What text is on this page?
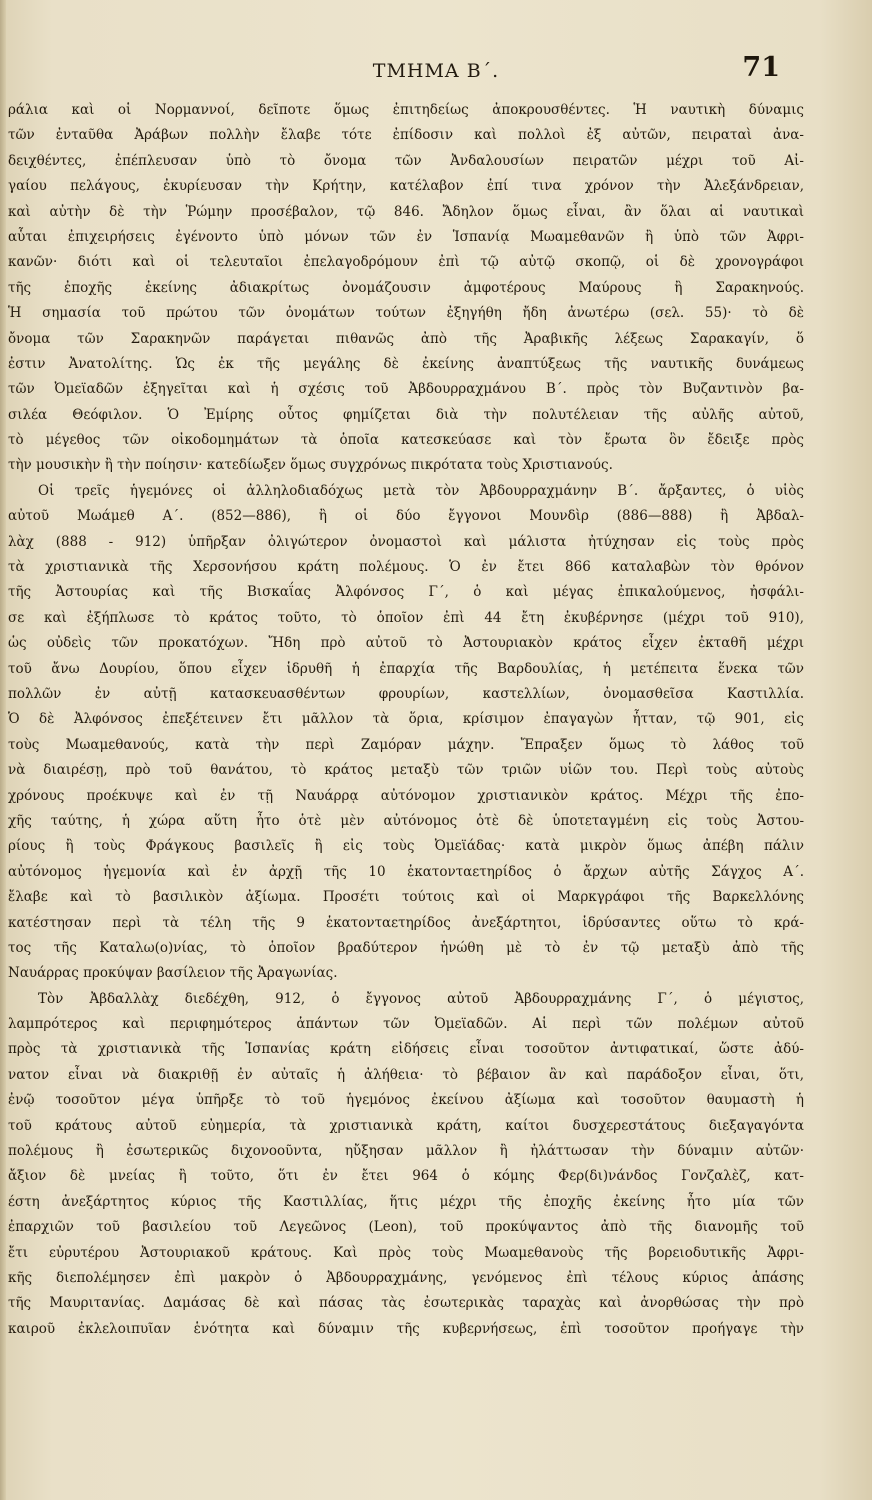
ΤΜΗΜΑ Β΄.	71
ράλια καὶ οἱ Νορμαννοί, δεῖποτε ὅμως ἐπιτηδείως ἀποκρουσθέντες. Ἡ ναυτικὴ δύναμις
τῶν ἐνταῦθα Ἀράβων πολλὴν ἔλαβε τότε ἐπίδοσιν καὶ πολλοὶ ἐξ αὐτῶν, πειραταὶ ἀνα-
δειχθέντες, ἐπέπλευσαν ὑπὸ τὸ ὄνομα τῶν Ἀνδαλουσίων πειρατῶν μέχρι τοῦ Αἰ-
γαίου πελάγους, ἐκυρίευσαν τὴν Κρήτην, κατέλαβον ἐπί τινα χρόνον τὴν Ἀλεξάνδρειαν,
καὶ αὐτὴν δὲ τὴν Ῥώμην προσέβαλον, τῷ 846. Ἄδηλον ὅμως εἶναι, ἂν ὅλαι αἱ ναυτικαὶ
αὗται ἐπιχειρήσεις ἐγένοντο ὑπὸ μόνων τῶν ἐν Ἱσπανίᾳ Μωαμεθανῶν ἢ ὑπὸ τῶν Ἀφρι-
κανῶν· διότι καὶ οἱ τελευταῖοι ἐπελαγοδρόμουν ἐπὶ τῷ αὐτῷ σκοπῷ, οἱ δὲ χρονογράφοι
τῆς ἐποχῆς ἐκείνης ἀδιακρίτως ὀνομάζουσιν ἀμφοτέρους Μαύρους ἢ Σαρακηνούς.
Ἡ σημασία τοῦ πρώτου τῶν ὀνομάτων τούτων ἐξηγήθη ἤδη ἀνωτέρω (σελ. 55)· τὸ δὲ
ὄνομα τῶν Σαρακηνῶν παράγεται πιθανῶς ἀπὸ τῆς Ἀραβικῆς λέξεως Σαρακαγίν, ὅ
ἐστιν Ἀνατολίτης. Ὡς ἐκ τῆς μεγάλης δὲ ἐκείνης ἀναπτύξεως τῆς ναυτικῆς δυνάμεως
τῶν Ὀμεϊαδῶν ἐξηγεῖται καὶ ἡ σχέσις τοῦ Ἀβδουρραχμάνου Β΄. πρὸς τὸν Βυζαντινὸν βα-
σιλέα Θεόφιλον. Ὁ Ἐμίρης οὗτος φημίζεται διὰ τὴν πολυτέλειαν τῆς αὐλῆς αὐτοῦ,
τὸ μέγεθος τῶν οἰκοδομημάτων τὰ ὁποῖα κατεσκεύασε καὶ τὸν ἔρωτα ὃν ἔδειξε πρὸς
τὴν μουσικὴν ἢ τὴν ποίησιν· κατεδίωξεν ὅμως συγχρόνως πικρότατα τοὺς Χριστιανούς.
Οἱ τρεῖς ἡγεμόνες οἱ ἀλληλοδιαδόχως μετὰ τὸν Ἀβδουρραχμάνην Β΄. ἄρξαντες, ὁ υἱὸς
αὐτοῦ Μωάμεθ Α΄. (852—886), ἢ οἱ δύο ἔγγονοι Μουνδὶρ (886—888) ἢ Ἀβδαλ-
λὰχ (888 - 912) ὑπῆρξαν ὀλιγώτερον ὀνομαστοὶ καὶ μάλιστα ἠτύχησαν εἰς τοὺς πρὸς
τὰ χριστιανικὰ τῆς Χερσονήσου κράτη πολέμους. Ὁ ἐν ἔτει 866 καταλαβὼν τὸν θρόνον
τῆς Ἀστουρίας καὶ τῆς Βισκαΐας Ἀλφόνσος Γ΄, ὁ καὶ μέγας ἐπικαλούμενος, ἠσφάλι-
σε καὶ ἐξήπλωσε τὸ κράτος τοῦτο, τὸ ὁποῖον ἐπὶ 44 ἔτη ἐκυβέρνησε (μέχρι τοῦ 910),
ὡς οὐδεὶς τῶν προκατόχων. Ἤδη πρὸ αὐτοῦ τὸ Ἀστουριακὸν κράτος εἶχεν ἐκταθῆ μέχρι
τοῦ ἄνω Δουρίου, ὅπου εἶχεν ἱδρυθῆ ἡ ἐπαρχία τῆς Βαρδουλίας, ἡ μετέπειτα ἕνεκα τῶν
πολλῶν ἐν αὐτῇ κατασκευασθέντων φρουρίων, καστελλίων, ὀνομασθεῖσα Καστιλλία.
Ὁ δὲ Ἀλφόνσος ἐπεξέτεινεν ἔτι μᾶλλον τὰ ὅρια, κρίσιμον ἐπαγαγὼν ἧτταν, τῷ 901, εἰς
τοὺς Μωαμεθανούς, κατὰ τὴν περὶ Ζαμόραν μάχην. Ἔπραξεν ὅμως τὸ λάθος τοῦ
νὰ διαιρέσῃ, πρὸ τοῦ θανάτου, τὸ κράτος μεταξὺ τῶν τριῶν υἱῶν του. Περὶ τοὺς αὐτοὺς
χρόνους προέκυψε καὶ ἐν τῇ Ναυάρρᾳ αὐτόνομον χριστιανικὸν κράτος. Μέχρι τῆς ἐπο-
χῆς ταύτης, ἡ χώρα αὕτη ἦτο ὁτὲ μὲν αὐτόνομος ὁτὲ δὲ ὑποτεταγμένη εἰς τοὺς Ἀστου-
ρίους ἢ τοὺς Φράγκους βασιλεῖς ἢ εἰς τοὺς Ὀμεϊάδας· κατὰ μικρὸν ὅμως ἀπέβη πάλιν
αὐτόνομος ἡγεμονία καὶ ἐν ἀρχῇ τῆς 10 ἑκατονταετηρίδος ὁ ἄρχων αὐτῆς Σάγχος Α΄.
ἔλαβε καὶ τὸ βασιλικὸν ἀξίωμα. Προσέτι τούτοις καὶ οἱ Μαρκγράφοι τῆς Βαρκελλόνης
κατέστησαν περὶ τὰ τέλη τῆς 9 ἑκατονταετηρίδος ἀνεξάρτητοι, ἱδρύσαντες οὕτω τὸ κρά-
τος τῆς Καταλω(ο)νίας, τὸ ὁποῖον βραδύτερον ἡνώθη μὲ τὸ ἐν τῷ μεταξὺ ἀπὸ τῆς
Ναυάρρας προκύψαν βασίλειον τῆς Ἀραγωνίας.
Τὸν Ἀβδαλλὰχ διεδέχθη, 912, ὁ ἔγγονος αὐτοῦ Ἀβδουρραχμάνης Γ΄, ὁ μέγιστος,
λαμπρότερος καὶ περιφημότερος ἁπάντων τῶν Ὀμεϊαδῶν. Αἱ περὶ τῶν πολέμων αὐτοῦ
πρὸς τὰ χριστιανικὰ τῆς Ἱσπανίας κράτη εἰδήσεις εἶναι τοσοῦτον ἀντιφατικαί, ὥστε ἀδύ-
νατον εἶναι νὰ διακριθῇ ἐν αὐταῖς ἡ ἀλήθεια· τὸ βέβαιον ἂν καὶ παράδοξον εἶναι, ὅτι,
ἐνῷ τοσοῦτον μέγα ὑπῆρξε τὸ τοῦ ἡγεμόνος ἐκείνου ἀξίωμα καὶ τοσοῦτον θαυμαστὴ ἡ
τοῦ κράτους αὐτοῦ εὐημερία, τὰ χριστιανικὰ κράτη, καίτοι δυσχερεστάτους διεξαγαγόντα
πολέμους ἢ ἐσωτερικῶς διχονοοῦντα, ηὔξησαν μᾶλλον ἢ ἠλάττωσαν τὴν δύναμιν αὐτῶν·
ἄξιον δὲ μνείας ἢ τοῦτο, ὅτι ἐν ἔτει 964 ὁ κόμης Φερ(δι)νάνδος Γονζαλὲζ, κατ-
έστη ἀνεξάρτητος κύριος τῆς Καστιλλίας, ἥτις μέχρι τῆς ἐποχῆς ἐκείνης ἦτο μία τῶν
ἐπαρχιῶν τοῦ βασιλείου τοῦ Λεγεῶνος (Leon), τοῦ προκύψαντος ἀπὸ τῆς διανομῆς τοῦ
ἔτι εὐρυτέρου Ἀστουριακοῦ κράτους. Καὶ πρὸς τοὺς Μωαμεθανοὺς τῆς βορειοδυτικῆς Ἀφρι-
κῆς διεπολέμησεν ἐπὶ μακρὸν ὁ Ἀβδουρραχμάνης, γενόμενος ἐπὶ τέλους κύριος ἁπάσης
τῆς Μαυριτανίας. Δαμάσας δὲ καὶ πάσας τὰς ἐσωτερικὰς ταραχὰς καὶ ἀνορθώσας τὴν πρὸ
καιροῦ ἐκλελοιπυῖαν ἑνότητα καὶ δύναμιν τῆς κυβερνήσεως, ἐπὶ τοσοῦτον προήγαγε τὴν
